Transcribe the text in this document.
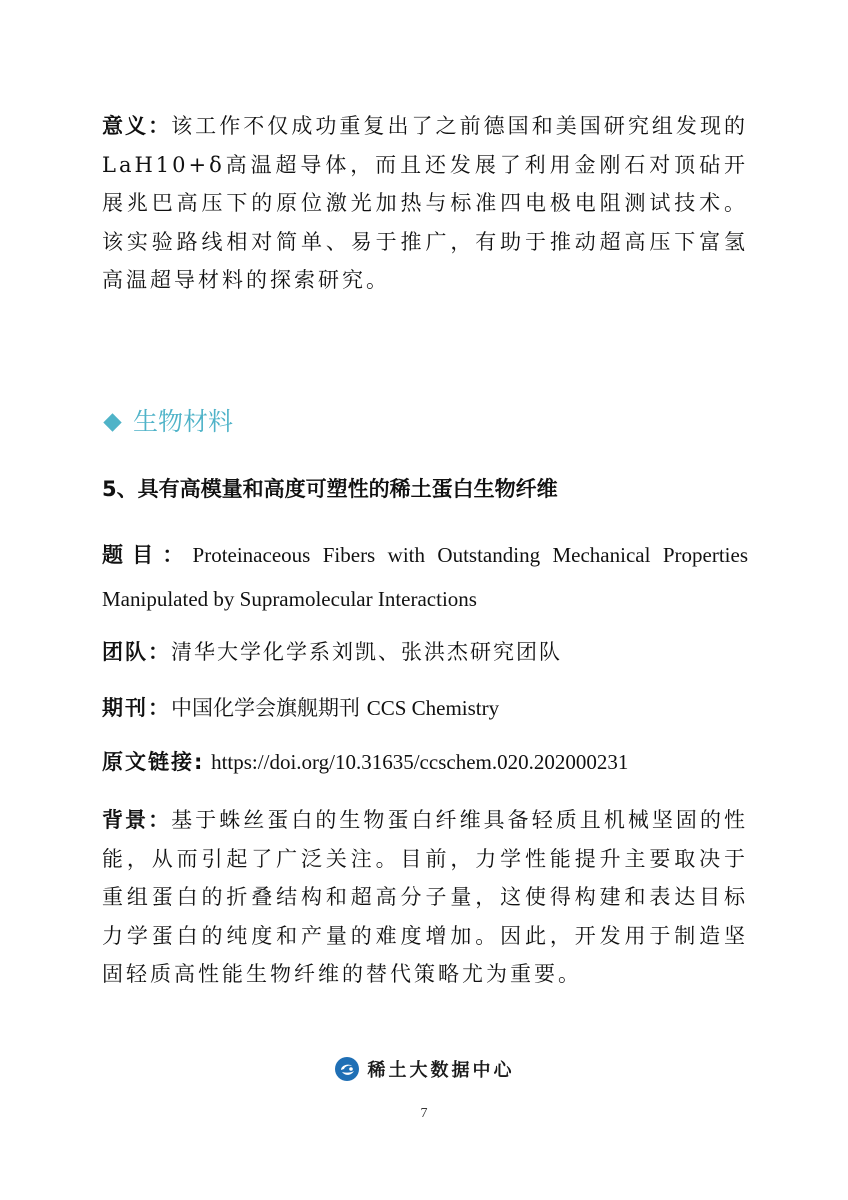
意义：该工作不仅成功重复出了之前德国和美国研究组发现的LaH10+δ高温超导体，而且还发展了利用金刚石对顶砧开展兆巴高压下的原位激光加热与标准四电极电阻测试技术。该实验路线相对简单、易于推广，有助于推动超高压下富氢高温超导材料的探索研究。
生物材料
5、具有高模量和高度可塑性的稀土蛋白生物纤维
题目：Proteinaceous Fibers with Outstanding Mechanical Properties Manipulated by Supramolecular Interactions
团队：清华大学化学系刘凯、张洪杰研究团队
期刊：中国化学会旗舰期刊 CCS Chemistry
原文链接: https://doi.org/10.31635/ccschem.020.202000231
背景：基于蛛丝蛋白的生物蛋白纤维具备轻质且机械坚固的性能，从而引起了广泛关注。目前，力学性能提升主要取决于重组蛋白的折叠结构和超高分子量，这使得构建和表达目标力学蛋白的纯度和产量的难度增加。因此，开发用于制造坚固轻质高性能生物纤维的替代策略尤为重要。
稀土大数据中心
7
